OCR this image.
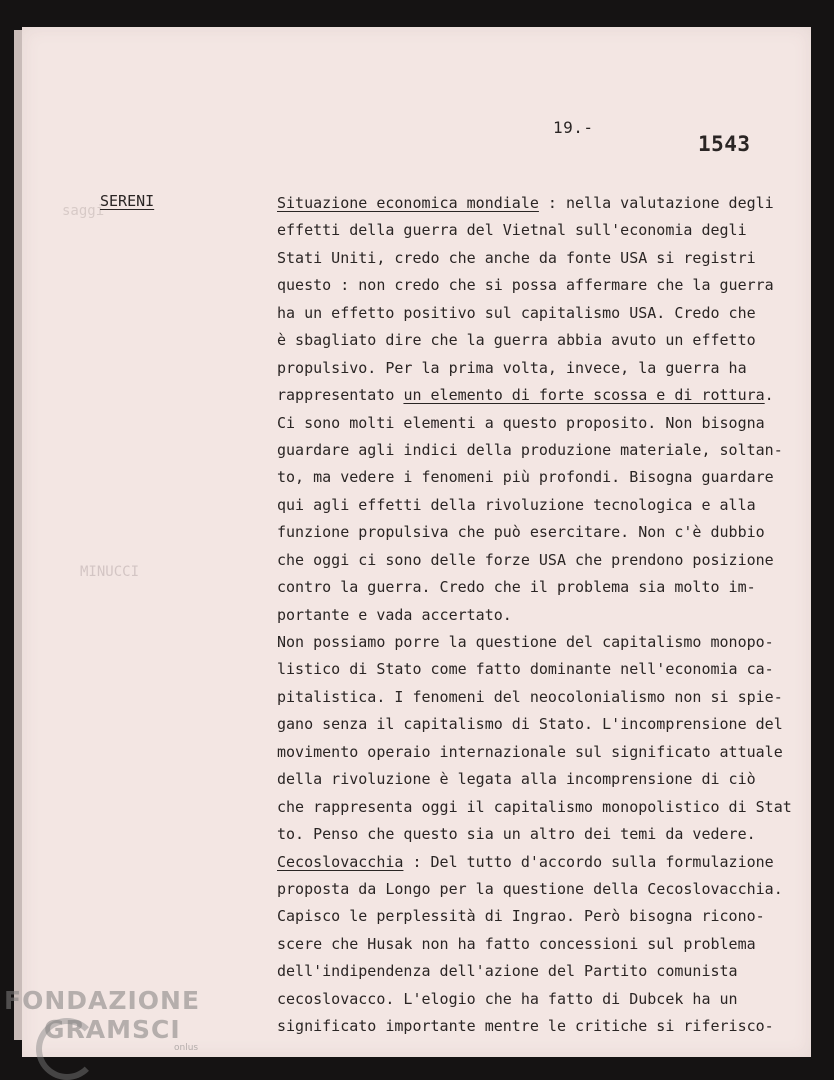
19.-
1543
saggi
MINUCCI
SERENI	Situazione economica mondiale : nella valutazione degli
effetti della guerra del Vietnal sull'economia degli
Stati Uniti, credo che anche da fonte USA si registri
questo : non credo che si possa affermare che la guerra
ha un effetto positivo sul capitalismo USA. Credo che
è sbagliato dire che la guerra abbia avuto un effetto
propulsivo. Per la prima volta, invece, la guerra ha
rappresentato un elemento di forte scossa e di rottura.
Ci sono molti elementi a questo proposito. Non bisogna
guardare agli indici della produzione materiale, soltan-
to, ma vedere i fenomeni più profondi. Bisogna guardare
qui agli effetti della rivoluzione tecnologica e alla
funzione propulsiva che può esercitare. Non c'è dubbio
che oggi ci sono delle forze USA che prendono posizione
contro la guerra. Credo che il problema sia molto im-
portante e vada accertato.
Non possiamo porre la questione del capitalismo monopo-
listico di Stato come fatto dominante nell'economia ca-
pitalistica. I fenomeni del neocolonialismo non si spie-
gano senza il capitalismo di Stato. L'incomprensione del
movimento operaio internazionale sul significato attuale
della rivoluzione è legata alla incomprensione di ciò
che rappresenta oggi il capitalismo monopolistico di Stat
to. Penso che questo sia un altro dei temi da vedere.
Cecoslovacchia : Del tutto d'accordo sulla formulazione
proposta da Longo per la questione della Cecoslovacchia.
Capisco le perplessità di Ingrao. Però bisogna ricono-
scere che Husak non ha fatto concessioni sul problema
dell'indipendenza dell'azione del Partito comunista
cecoslovacco. L'elogio che ha fatto di Dubcek ha un
significato importante mentre le critiche si riferisco-
FONDAZIONE
GRAMSCI
onlus
